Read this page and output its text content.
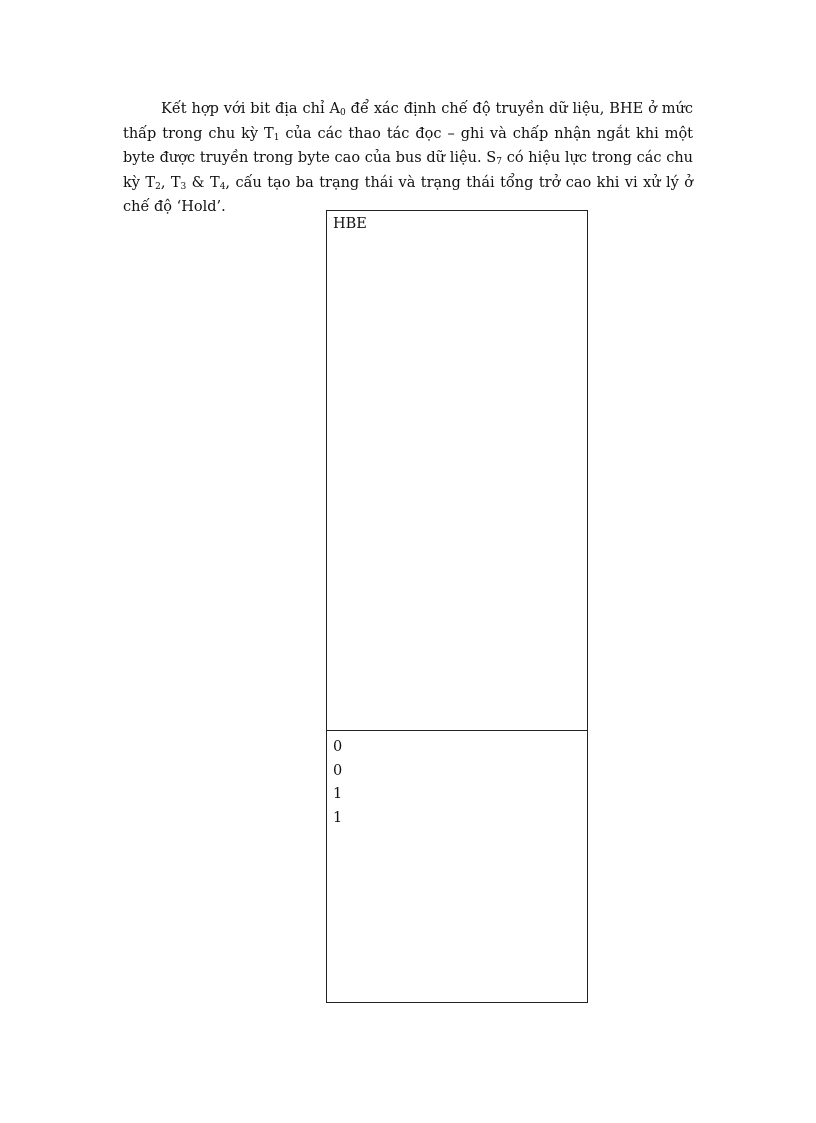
Kết hợp với bit địa chỉ $A_0$ để xác định chế độ truyền dữ liệu, BHE ở mức thấp trong chu kỳ $T_1$ của các thao tác đọc – ghi và chấp nhận ngắt khi một byte được truyền trong byte cao của bus dữ liệu. $S_7$ có hiệu lực trong các chu kỳ $T_2$, $T_3$ & $T_4$, cấu tạo ba trạng thái và trạng thái tổng trở cao khi vi xử lý ở chế độ ‘Hold’.

HBE
0
0
1
1
